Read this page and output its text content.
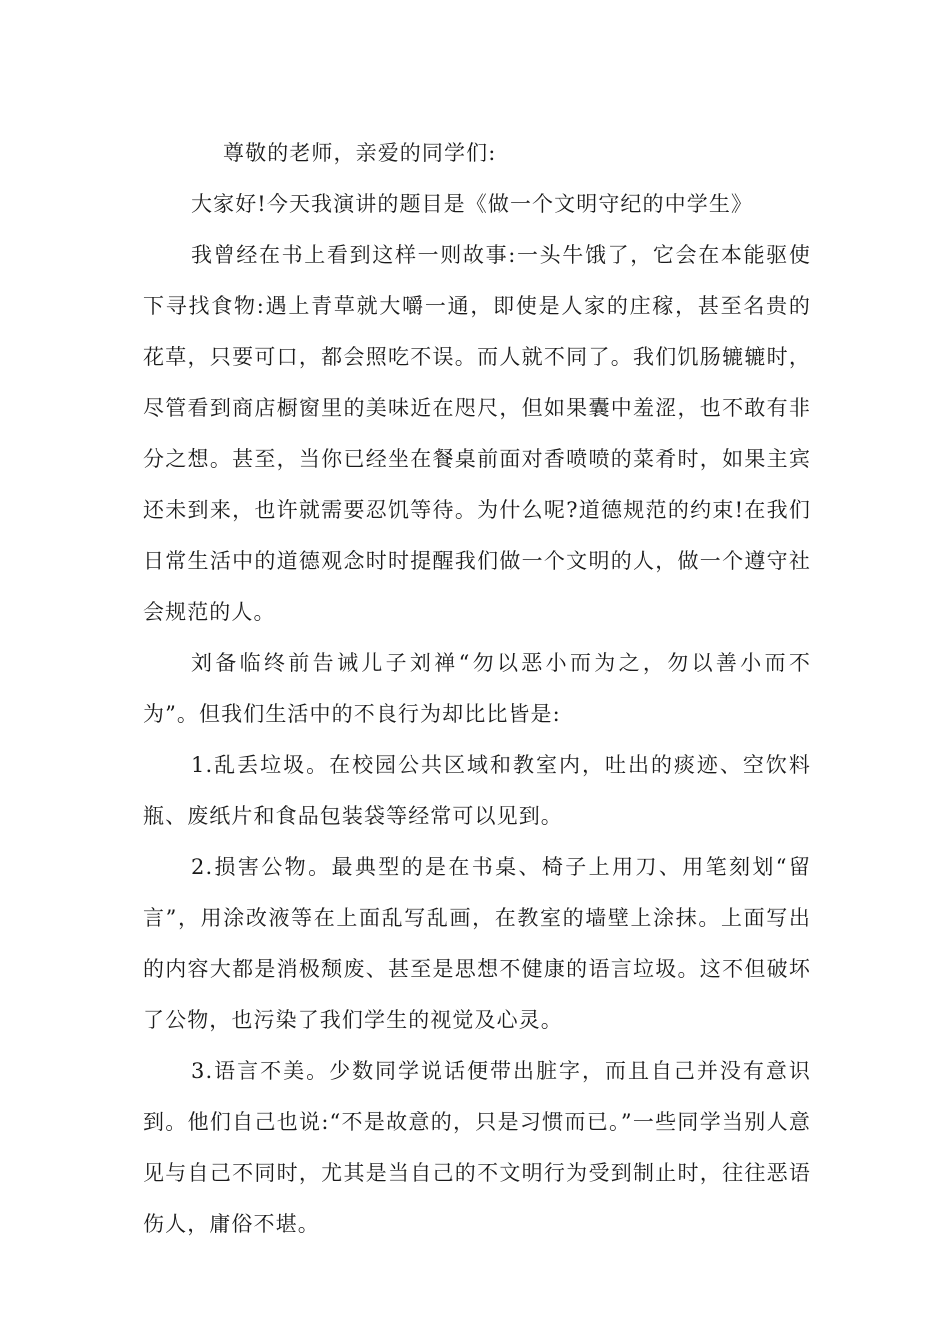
尊敬的老师，亲爱的同学们:

大家好!今天我演讲的题目是《做一个文明守纪的中学生》

我曾经在书上看到这样一则故事:一头牛饿了，它会在本能驱使下寻找食物:遇上青草就大嚼一通，即使是人家的庄稼，甚至名贵的花草，只要可口，都会照吃不误。而人就不同了。我们饥肠辘辘时，尽管看到商店橱窗里的美味近在咫尺，但如果囊中羞涩，也不敢有非分之想。甚至，当你已经坐在餐桌前面对香喷喷的菜肴时，如果主宾还未到来，也许就需要忍饥等待。为什么呢?道德规范的约束!在我们日常生活中的道德观念时时提醒我们做一个文明的人，做一个遵守社会规范的人。

刘备临终前告诫儿子刘禅“勿以恶小而为之，勿以善小而不为”。但我们生活中的不良行为却比比皆是:

1.乱丢垃圾。在校园公共区域和教室内，吐出的痰迹、空饮料瓶、废纸片和食品包装袋等经常可以见到。

2.损害公物。最典型的是在书桌、椅子上用刀、用笔刻划“留言”，用涂改液等在上面乱写乱画，在教室的墙壁上涂抹。上面写出的内容大都是消极颓废、甚至是思想不健康的语言垃圾。这不但破坏了公物，也污染了我们学生的视觉及心灵。

3.语言不美。少数同学说话便带出脏字，而且自己并没有意识到。他们自己也说:“不是故意的，只是习惯而已。”一些同学当别人意见与自己不同时，尤其是当自己的不文明行为受到制止时，往往恶语伤人，庸俗不堪。
